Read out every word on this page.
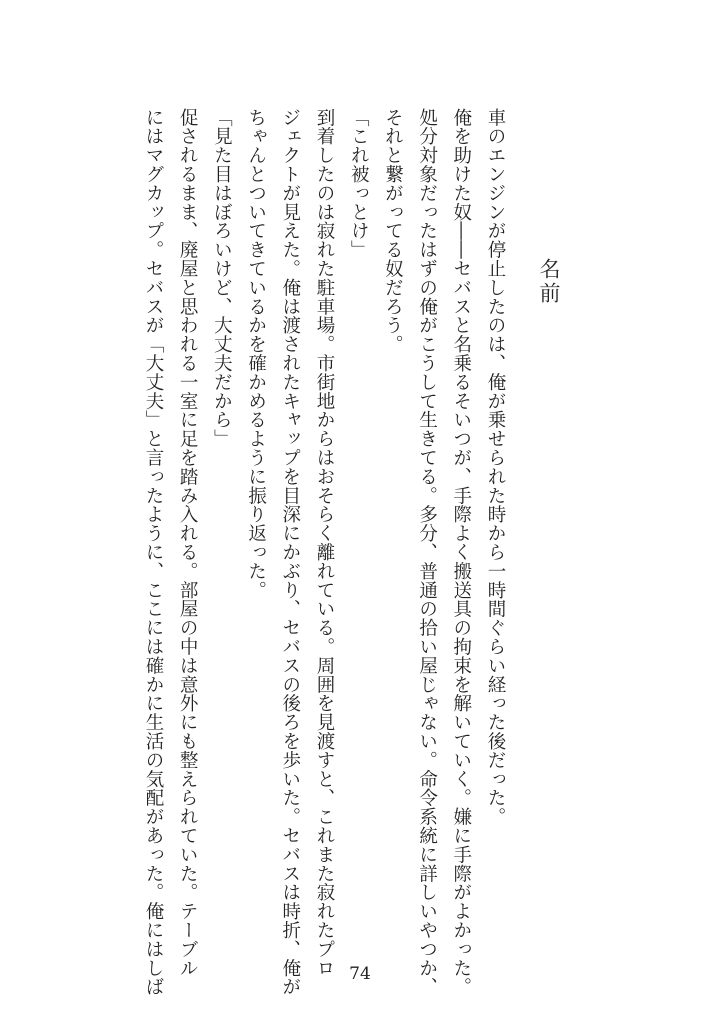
名前

車のエンジンが停止したのは、俺が乗せられた時から一時間ぐらい経った後だった。

俺を助けた奴――セバスと名乗るそいつが、手際よく搬送具の拘束を解いていく。嫌に手際がよかった。

処分対象だったはずの俺がこうして生きてる。多分、普通の拾い屋じゃない。命令系統に詳しいやつか、

それと繋がってる奴だろう。

「これ被っとけ」

到着したのは寂れた駐車場。市街地からはおそらく離れている。周囲を見渡すと、これまた寂れたプロ

ジェクトが見えた。俺は渡されたキャップを目深にかぶり、セバスの後ろを歩いた。セバスは時折、俺が

ちゃんとついてきているかを確かめるように振り返った。

「見た目はぼろいけど、大丈夫だから」

促されるまま、廃屋と思われる一室に足を踏み入れる。部屋の中は意外にも整えられていた。テーブル

にはマグカップ。セバスが「大丈夫」と言ったように、ここには確かに生活の気配があった。俺にはしば	74
